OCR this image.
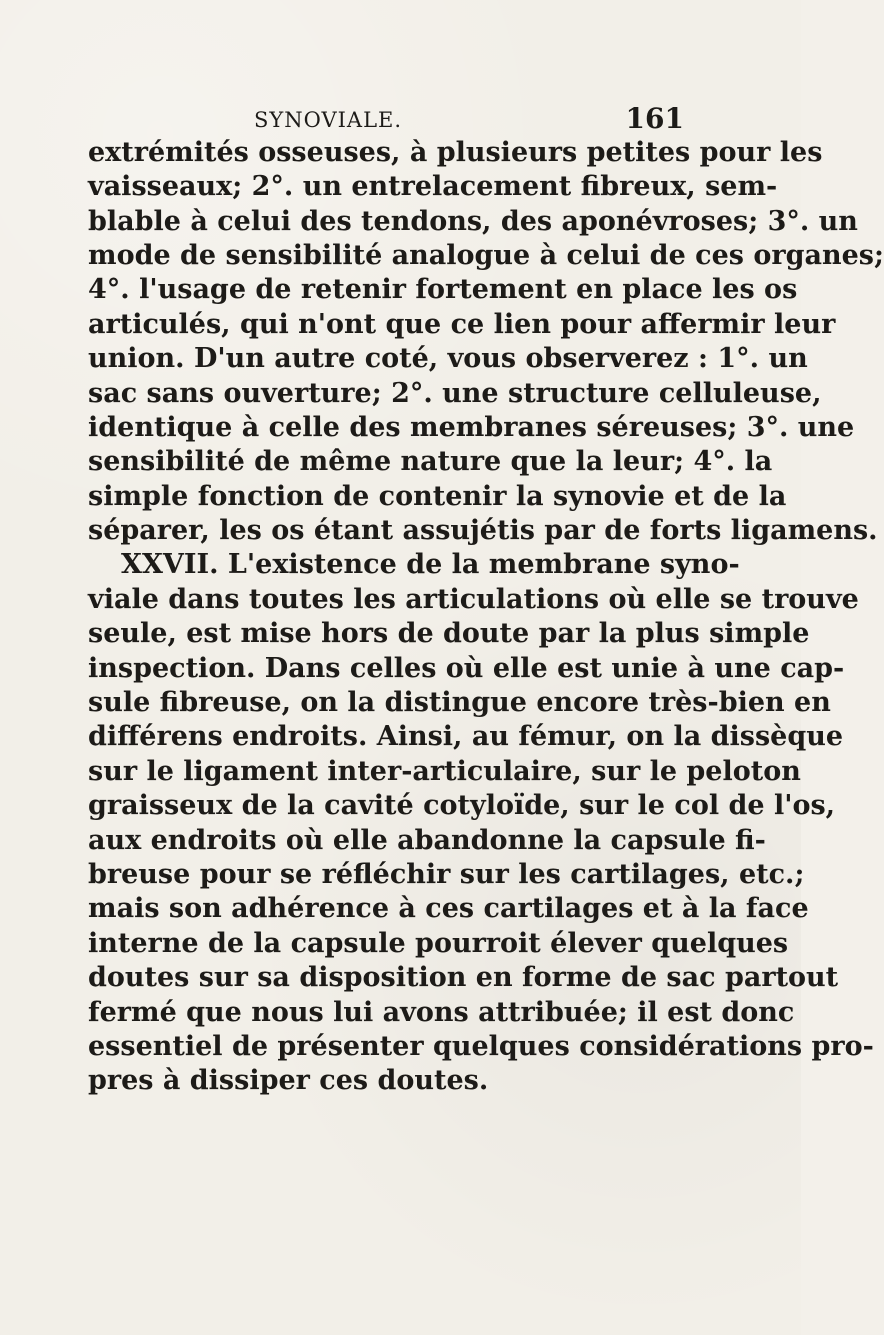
SYNOVIALE.	161
extrémités osseuses, à plusieurs petites pour les
vaisseaux; 2°. un entrelacement fibreux, sem-
blable à celui des tendons, des aponévroses; 3°. un
mode de sensibilité analogue à celui de ces organes;
4°. l'usage de retenir fortement en place les os
articulés, qui n'ont que ce lien pour affermir leur
union. D'un autre coté, vous observerez : 1°. un
sac sans ouverture; 2°. une structure celluleuse,
identique à celle des membranes séreuses; 3°. une
sensibilité de même nature que la leur; 4°. la
simple fonction de contenir la synovie et de la
séparer, les os étant assujétis par de forts ligamens.
XXVII. L'existence de la membrane syno-
viale dans toutes les articulations où elle se trouve
seule, est mise hors de doute par la plus simple
inspection. Dans celles où elle est unie à une cap-
sule fibreuse, on la distingue encore très-bien en
différens endroits. Ainsi, au fémur, on la dissèque
sur le ligament inter-articulaire, sur le peloton
graisseux de la cavité cotyloïde, sur le col de l'os,
aux endroits où elle abandonne la capsule fi-
breuse pour se réfléchir sur les cartilages, etc.;
mais son adhérence à ces cartilages et à la face
interne de la capsule pourroit élever quelques
doutes sur sa disposition en forme de sac partout
fermé que nous lui avons attribuée; il est donc
essentiel de présenter quelques considérations pro-
pres à dissiper ces doutes.
